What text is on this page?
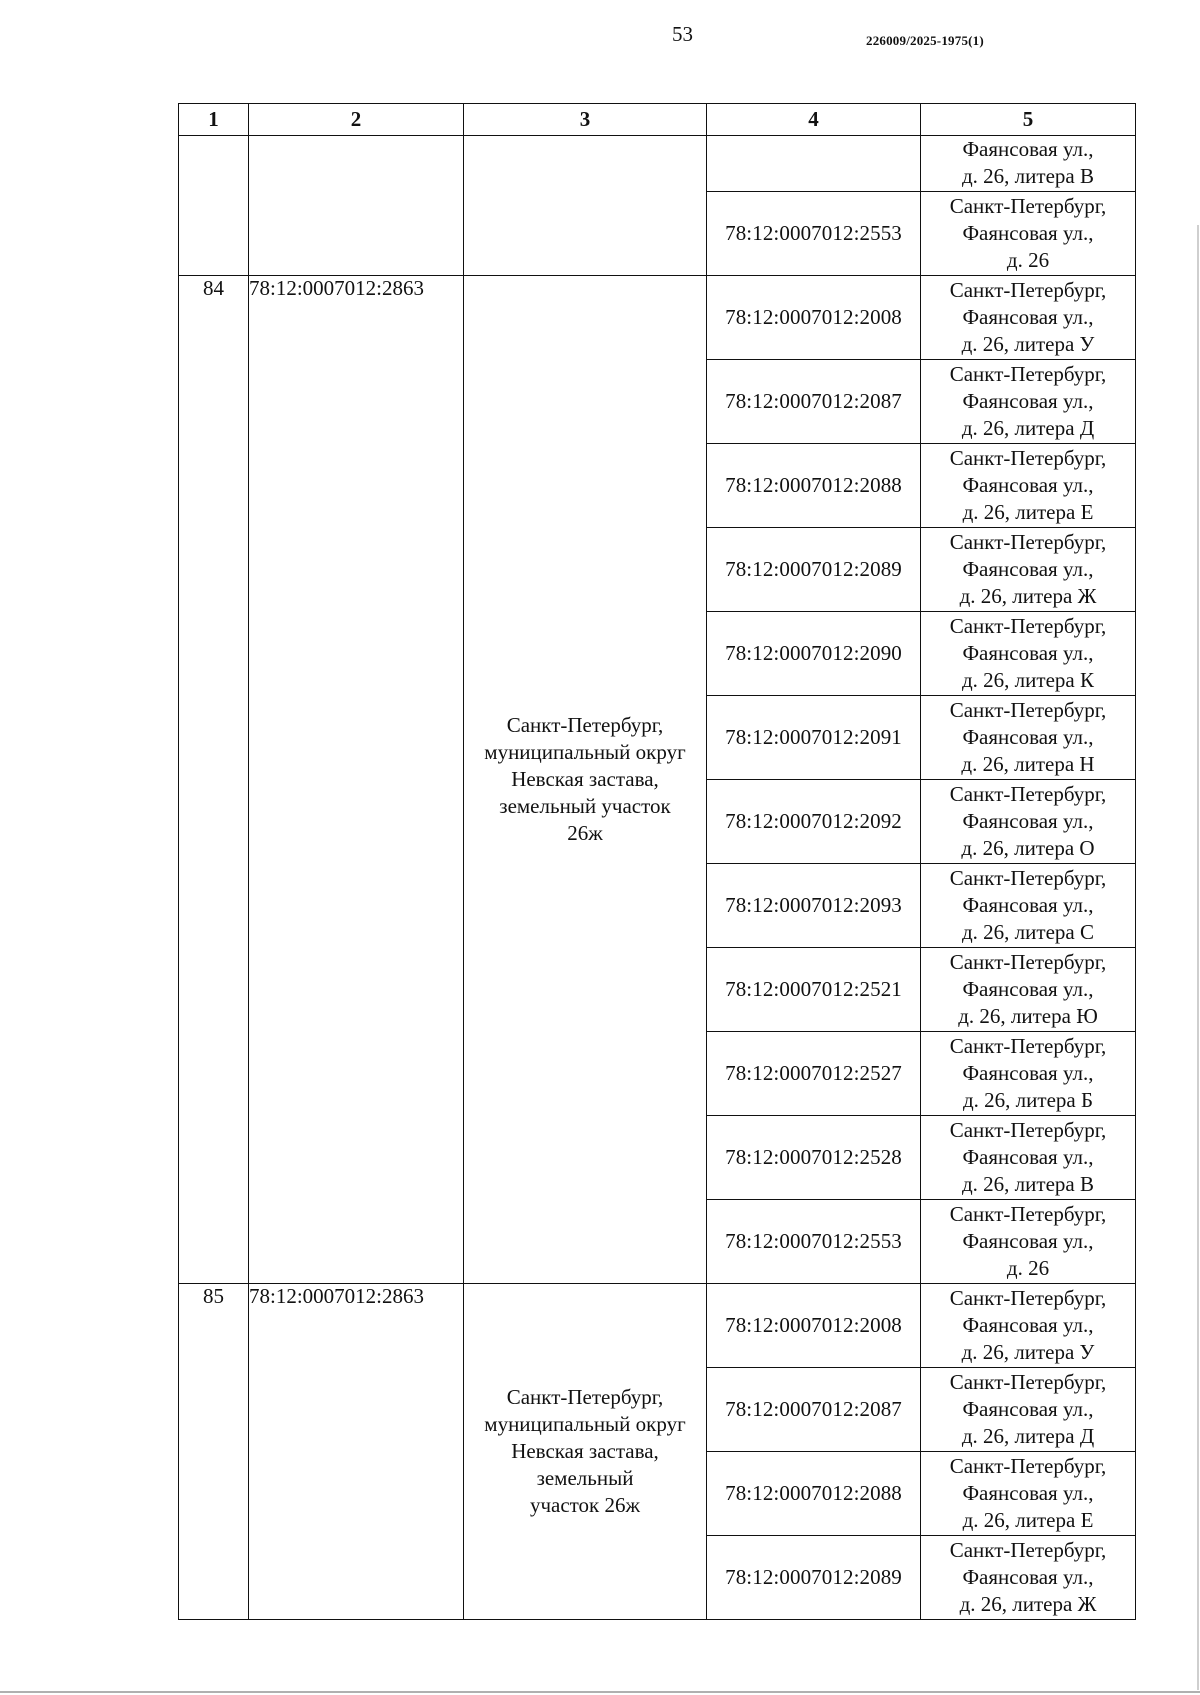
53	226009/2025-1975(1)
1	2	3	4	5

				Фаянсовая ул.,
д. 26, литера В

			78:12:0007012:2553	Санкт-Петербург,
Фаянсовая ул.,
д. 26

84	78:12:0007012:2863	Санкт-Петербург,
муниципальный округ
Невская застава,
земельный участок
26ж	78:12:0007012:2008	Санкт-Петербург,
Фаянсовая ул.,
д. 26, литера У

			78:12:0007012:2087	Санкт-Петербург,
Фаянсовая ул.,
д. 26, литера Д

			78:12:0007012:2088	Санкт-Петербург,
Фаянсовая ул.,
д. 26, литера Е

			78:12:0007012:2089	Санкт-Петербург,
Фаянсовая ул.,
д. 26, литера Ж

			78:12:0007012:2090	Санкт-Петербург,
Фаянсовая ул.,
д. 26, литера К

			78:12:0007012:2091	Санкт-Петербург,
Фаянсовая ул.,
д. 26, литера Н

			78:12:0007012:2092	Санкт-Петербург,
Фаянсовая ул.,
д. 26, литера О

			78:12:0007012:2093	Санкт-Петербург,
Фаянсовая ул.,
д. 26, литера С

			78:12:0007012:2521	Санкт-Петербург,
Фаянсовая ул.,
д. 26, литера Ю

			78:12:0007012:2527	Санкт-Петербург,
Фаянсовая ул.,
д. 26, литера Б

			78:12:0007012:2528	Санкт-Петербург,
Фаянсовая ул.,
д. 26, литера В

			78:12:0007012:2553	Санкт-Петербург,
Фаянсовая ул.,
д. 26

85	78:12:0007012:2863	Санкт-Петербург,
муниципальный округ
Невская застава,
земельный
участок 26ж	78:12:0007012:2008	Санкт-Петербург,
Фаянсовая ул.,
д. 26, литера У

			78:12:0007012:2087	Санкт-Петербург,
Фаянсовая ул.,
д. 26, литера Д

			78:12:0007012:2088	Санкт-Петербург,
Фаянсовая ул.,
д. 26, литера Е

			78:12:0007012:2089	Санкт-Петербург,
Фаянсовая ул.,
д. 26, литера Ж
